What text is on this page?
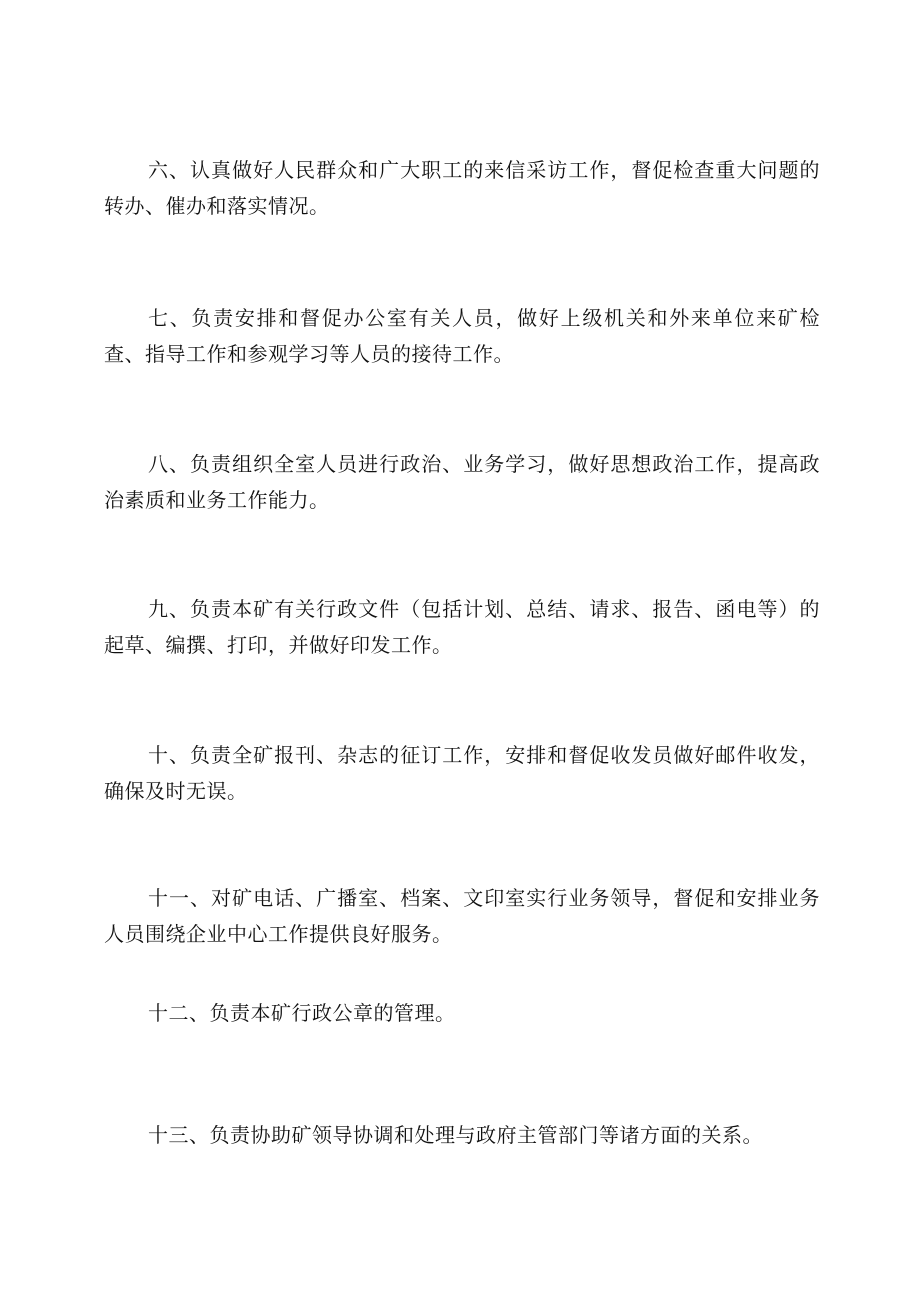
六、认真做好人民群众和广大职工的来信采访工作，督促检查重大问题的转办、催办和落实情况。

七、负责安排和督促办公室有关人员，做好上级机关和外来单位来矿检查、指导工作和参观学习等人员的接待工作。

八、负责组织全室人员进行政治、业务学习，做好思想政治工作，提高政治素质和业务工作能力。

九、负责本矿有关行政文件（包括计划、总结、请求、报告、函电等）的起草、编撰、打印，并做好印发工作。

十、负责全矿报刊、杂志的征订工作，安排和督促收发员做好邮件收发，确保及时无误。

十一、对矿电话、广播室、档案、文印室实行业务领导，督促和安排业务人员围绕企业中心工作提供良好服务。

十二、负责本矿行政公章的管理。

十三、负责协助矿领导协调和处理与政府主管部门等诸方面的关系。
